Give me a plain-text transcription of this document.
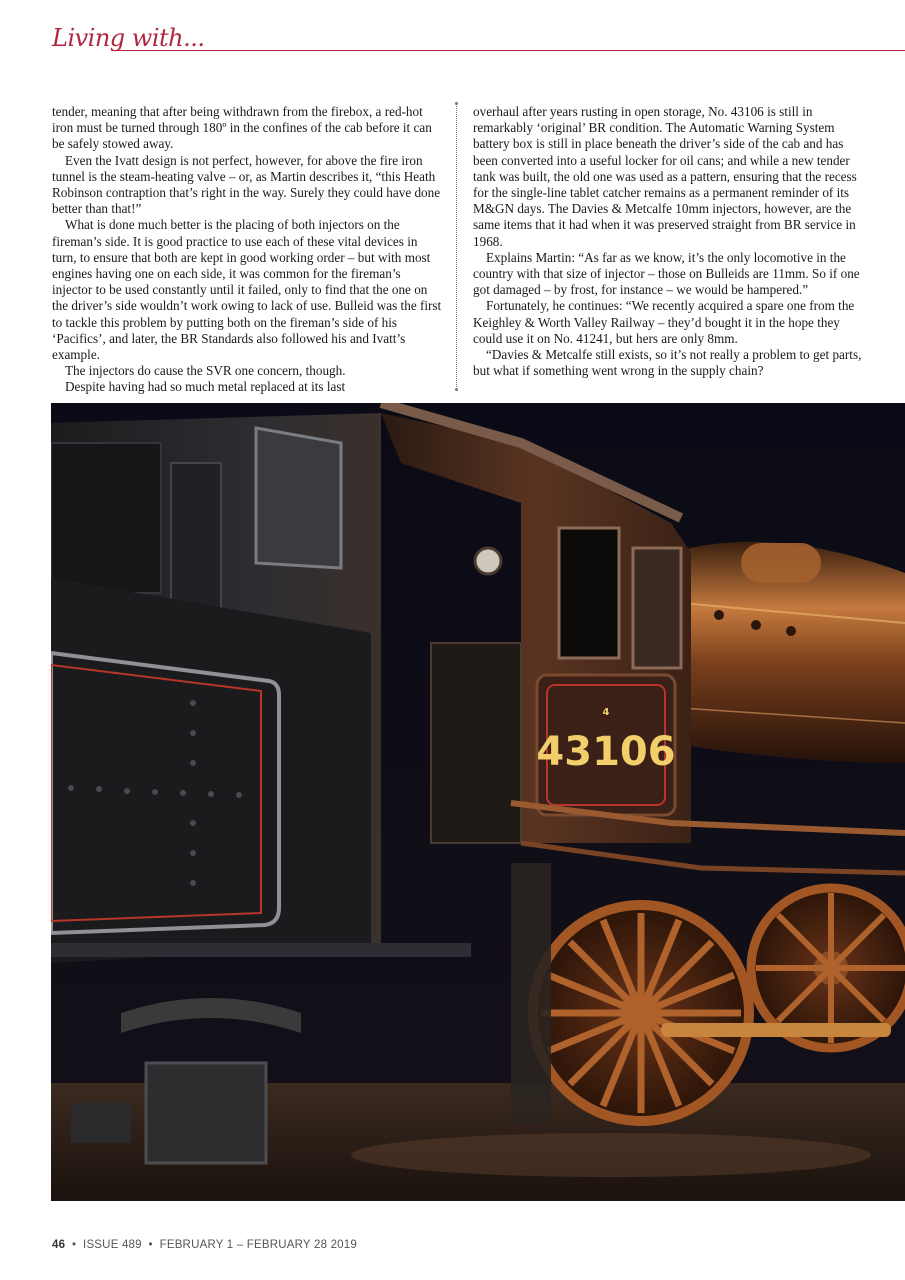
Living with...

tender, meaning that after being withdrawn from the firebox, a red-hot iron must be turned through 180º in the confines of the cab before it can be safely stowed away.

Even the Ivatt design is not perfect, however, for above the fire iron tunnel is the steam-heating valve – or, as Martin describes it, “this Heath Robinson contraption that’s right in the way. Surely they could have done better than that!”

What is done much better is the placing of both injectors on the fireman’s side. It is good practice to use each of these vital devices in turn, to ensure that both are kept in good working order – but with most engines having one on each side, it was common for the fireman’s injector to be used constantly until it failed, only to find that the one on the driver’s side wouldn’t work owing to lack of use. Bulleid was the first to tackle this problem by putting both on the fireman’s side of his ‘Pacifics’, and later, the BR Standards also followed his and Ivatt’s example.

The injectors do cause the SVR one concern, though.

Despite having had so much metal replaced at its last

overhaul after years rusting in open storage, No. 43106 is still in remarkably ‘original’ BR condition. The Automatic Warning System battery box is still in place beneath the driver’s side of the cab and has been converted into a useful locker for oil cans; and while a new tender tank was built, the old one was used as a pattern, ensuring that the recess for the single-line tablet catcher remains as a permanent reminder of its M&GN days. The Davies & Metcalfe 10mm injectors, however, are the same items that it had when it was preserved straight from BR service in 1968.

Explains Martin: “As far as we know, it’s the only locomotive in the country with that size of injector – those on Bulleids are 11mm. So if one got damaged – by frost, for instance – we would be hampered.”

Fortunately, he continues: “We recently acquired a spare one from the Keighley & Worth Valley Railway – they’d bought it in the hope they could use it on No. 41241, but hers are only 8mm.

“Davies & Metcalfe still exists, so it’s not really a problem to get parts, but what if something went wrong in the supply chain?

4
43106
46  •  ISSUE 489  •  FEBRUARY 1 – FEBRUARY 28 2019
